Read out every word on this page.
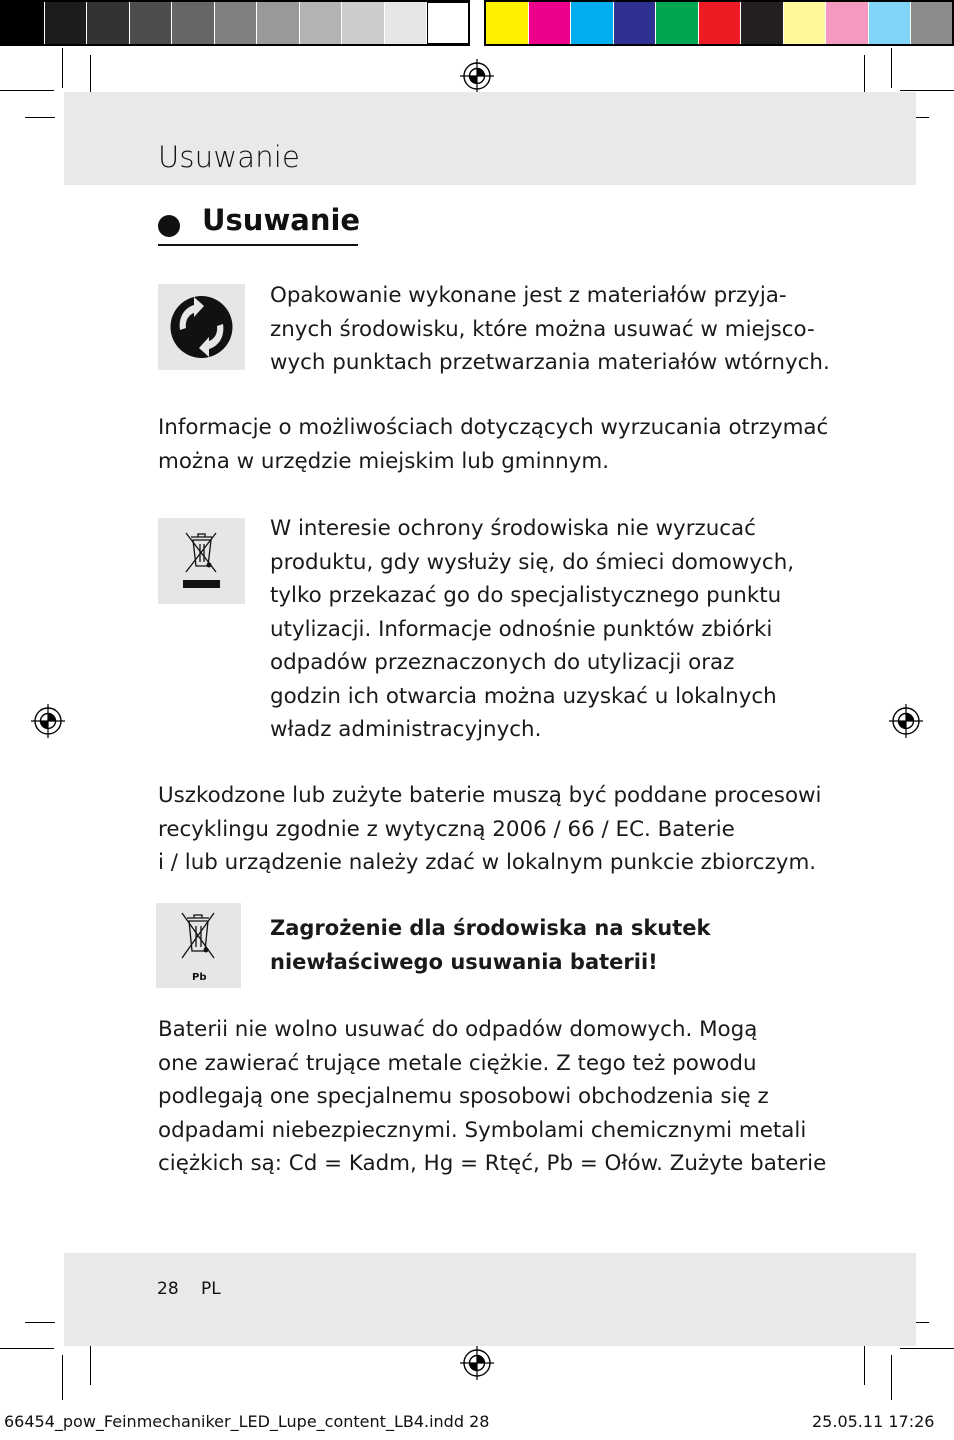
Usuwanie
Usuwanie
Opakowanie wykonane jest z materiałów przyja-
znych środowisku, które można usuwać w miejsco-
wych punktach przetwarzania materiałów wtórnych.
Informacje o możliwościach dotyczących wyrzucania otrzymać
można w urzędzie miejskim lub gminnym.
W interesie ochrony środowiska nie wyrzucać
produktu, gdy wysłuży się, do śmieci domowych,
tylko przekazać go do specjalistycznego punktu
utylizacji. Informacje odnośnie punktów zbiórki
odpadów przeznaczonych do utylizacji oraz
godzin ich otwarcia można uzyskać u lokalnych
władz administracyjnych.
Uszkodzone lub zużyte baterie muszą być poddane procesowi
recyklingu zgodnie z wytyczną 2006 / 66 / EC. Baterie
i / lub urządzenie należy zdać w lokalnym punkcie zbiorczym.
Pb
Zagrożenie dla środowiska na skutek
niewłaściwego usuwania baterii!
Baterii nie wolno usuwać do odpadów domowych. Mogą
one zawierać trujące metale ciężkie. Z tego też powodu
podlegają one specjalnemu sposobowi obchodzenia się z
odpadami niebezpiecznymi. Symbolami chemicznymi metali
ciężkich są: Cd = Kadm, Hg = Rtęć, Pb = Ołów. Zużyte baterie
28 PL
66454_pow_Feinmechaniker_LED_Lupe_content_LB4.indd 28	25.05.11 17:26
